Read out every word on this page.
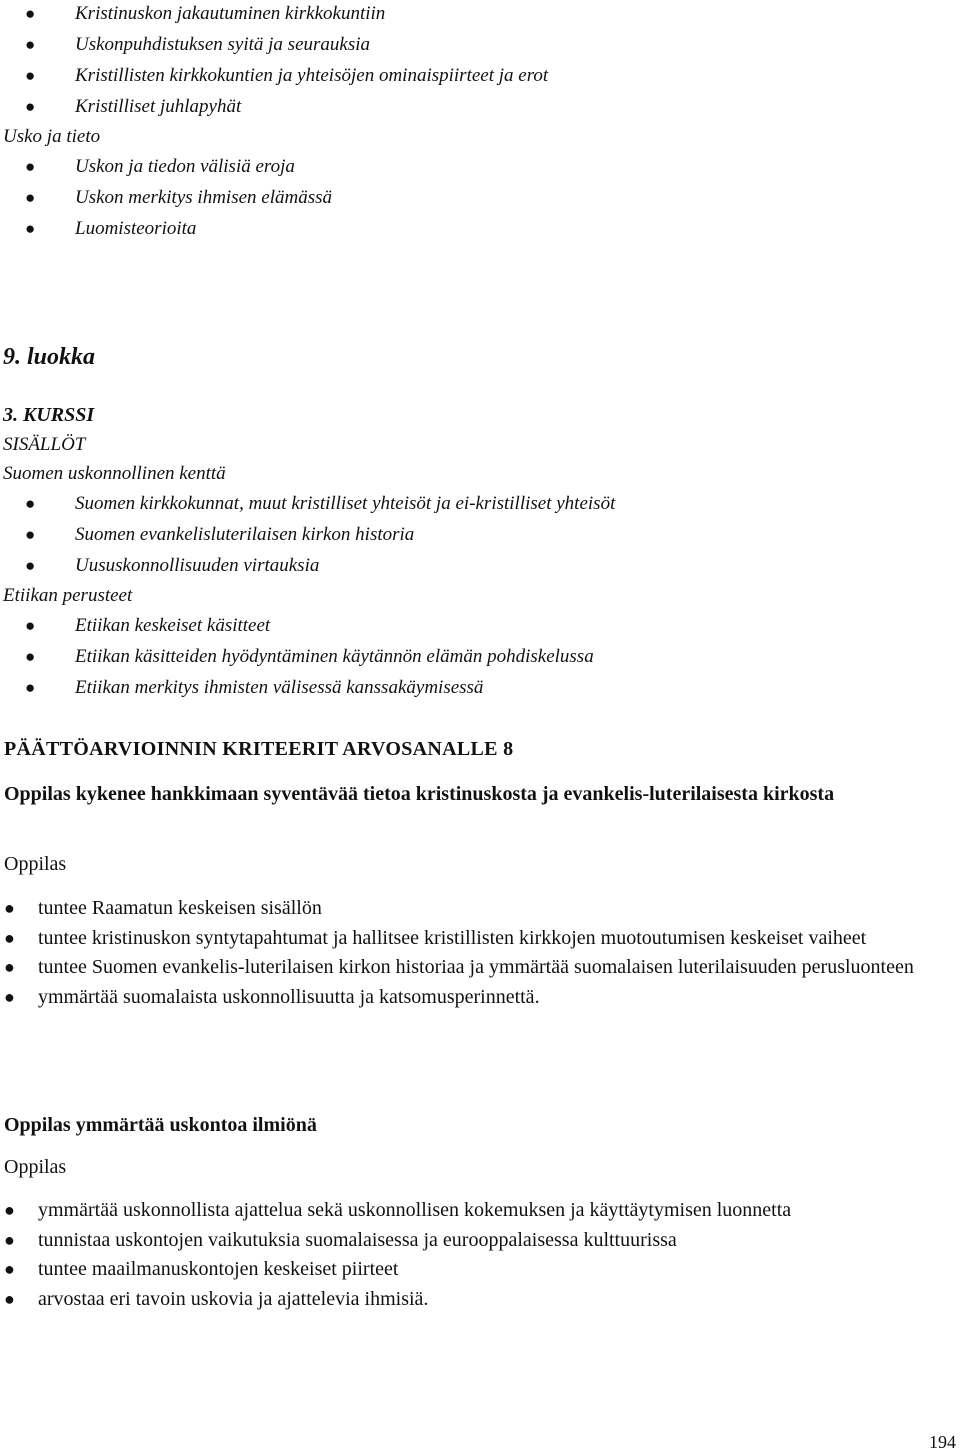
● Kristinuskon jakautuminen kirkkokuntiin
● Uskonpuhdistuksen syitä ja seurauksia
● Kristillisten kirkkokuntien ja yhteisöjen ominaispiirteet ja erot
● Kristilliset juhlapyhät
Usko ja tieto
● Uskon ja tiedon välisiä eroja
● Uskon merkitys ihmisen elämässä
● Luomisteorioita
9. luokka
3. KURSSI
SISÄLLÖT
Suomen uskonnollinen kenttä
● Suomen kirkkokunnat, muut kristilliset yhteisöt ja ei-kristilliset yhteisöt
● Suomen evankelisluterilaisen kirkon historia
● Uususkonnollisuuden virtauksia
Etiikan perusteet
● Etiikan keskeiset käsitteet
● Etiikan käsitteiden hyödyntäminen käytännön elämän pohdiskelussa
● Etiikan merkitys ihmisten välisessä kanssakäymisessä
PÄÄTTÖARVIOINNIN KRITEERIT ARVOSANALLE 8

Oppilas kykenee hankkimaan syventävää tietoa kristinuskosta ja evankelis-luterilaisesta kirkosta

Oppilas

● tuntee Raamatun keskeisen sisällön
● tuntee kristinuskon syntytapahtumat ja hallitsee kristillisten kirkkojen muotoutumisen keskeiset vaiheet
● tuntee Suomen evankelis-luterilaisen kirkon historiaa ja ymmärtää suomalaisen luterilaisuuden perusluonteen
● ymmärtää suomalaista uskonnollisuutta ja katsomusperinnettä.

Oppilas ymmärtää uskontoa ilmiönä

Oppilas

● ymmärtää uskonnollista ajattelua sekä uskonnollisen kokemuksen ja käyttäytymisen luonnetta
● tunnistaa uskontojen vaikutuksia suomalaisessa ja eurooppalaisessa kulttuurissa
● tuntee maailmanuskontojen keskeiset piirteet
● arvostaa eri tavoin uskovia ja ajattelevia ihmisiä.

194
